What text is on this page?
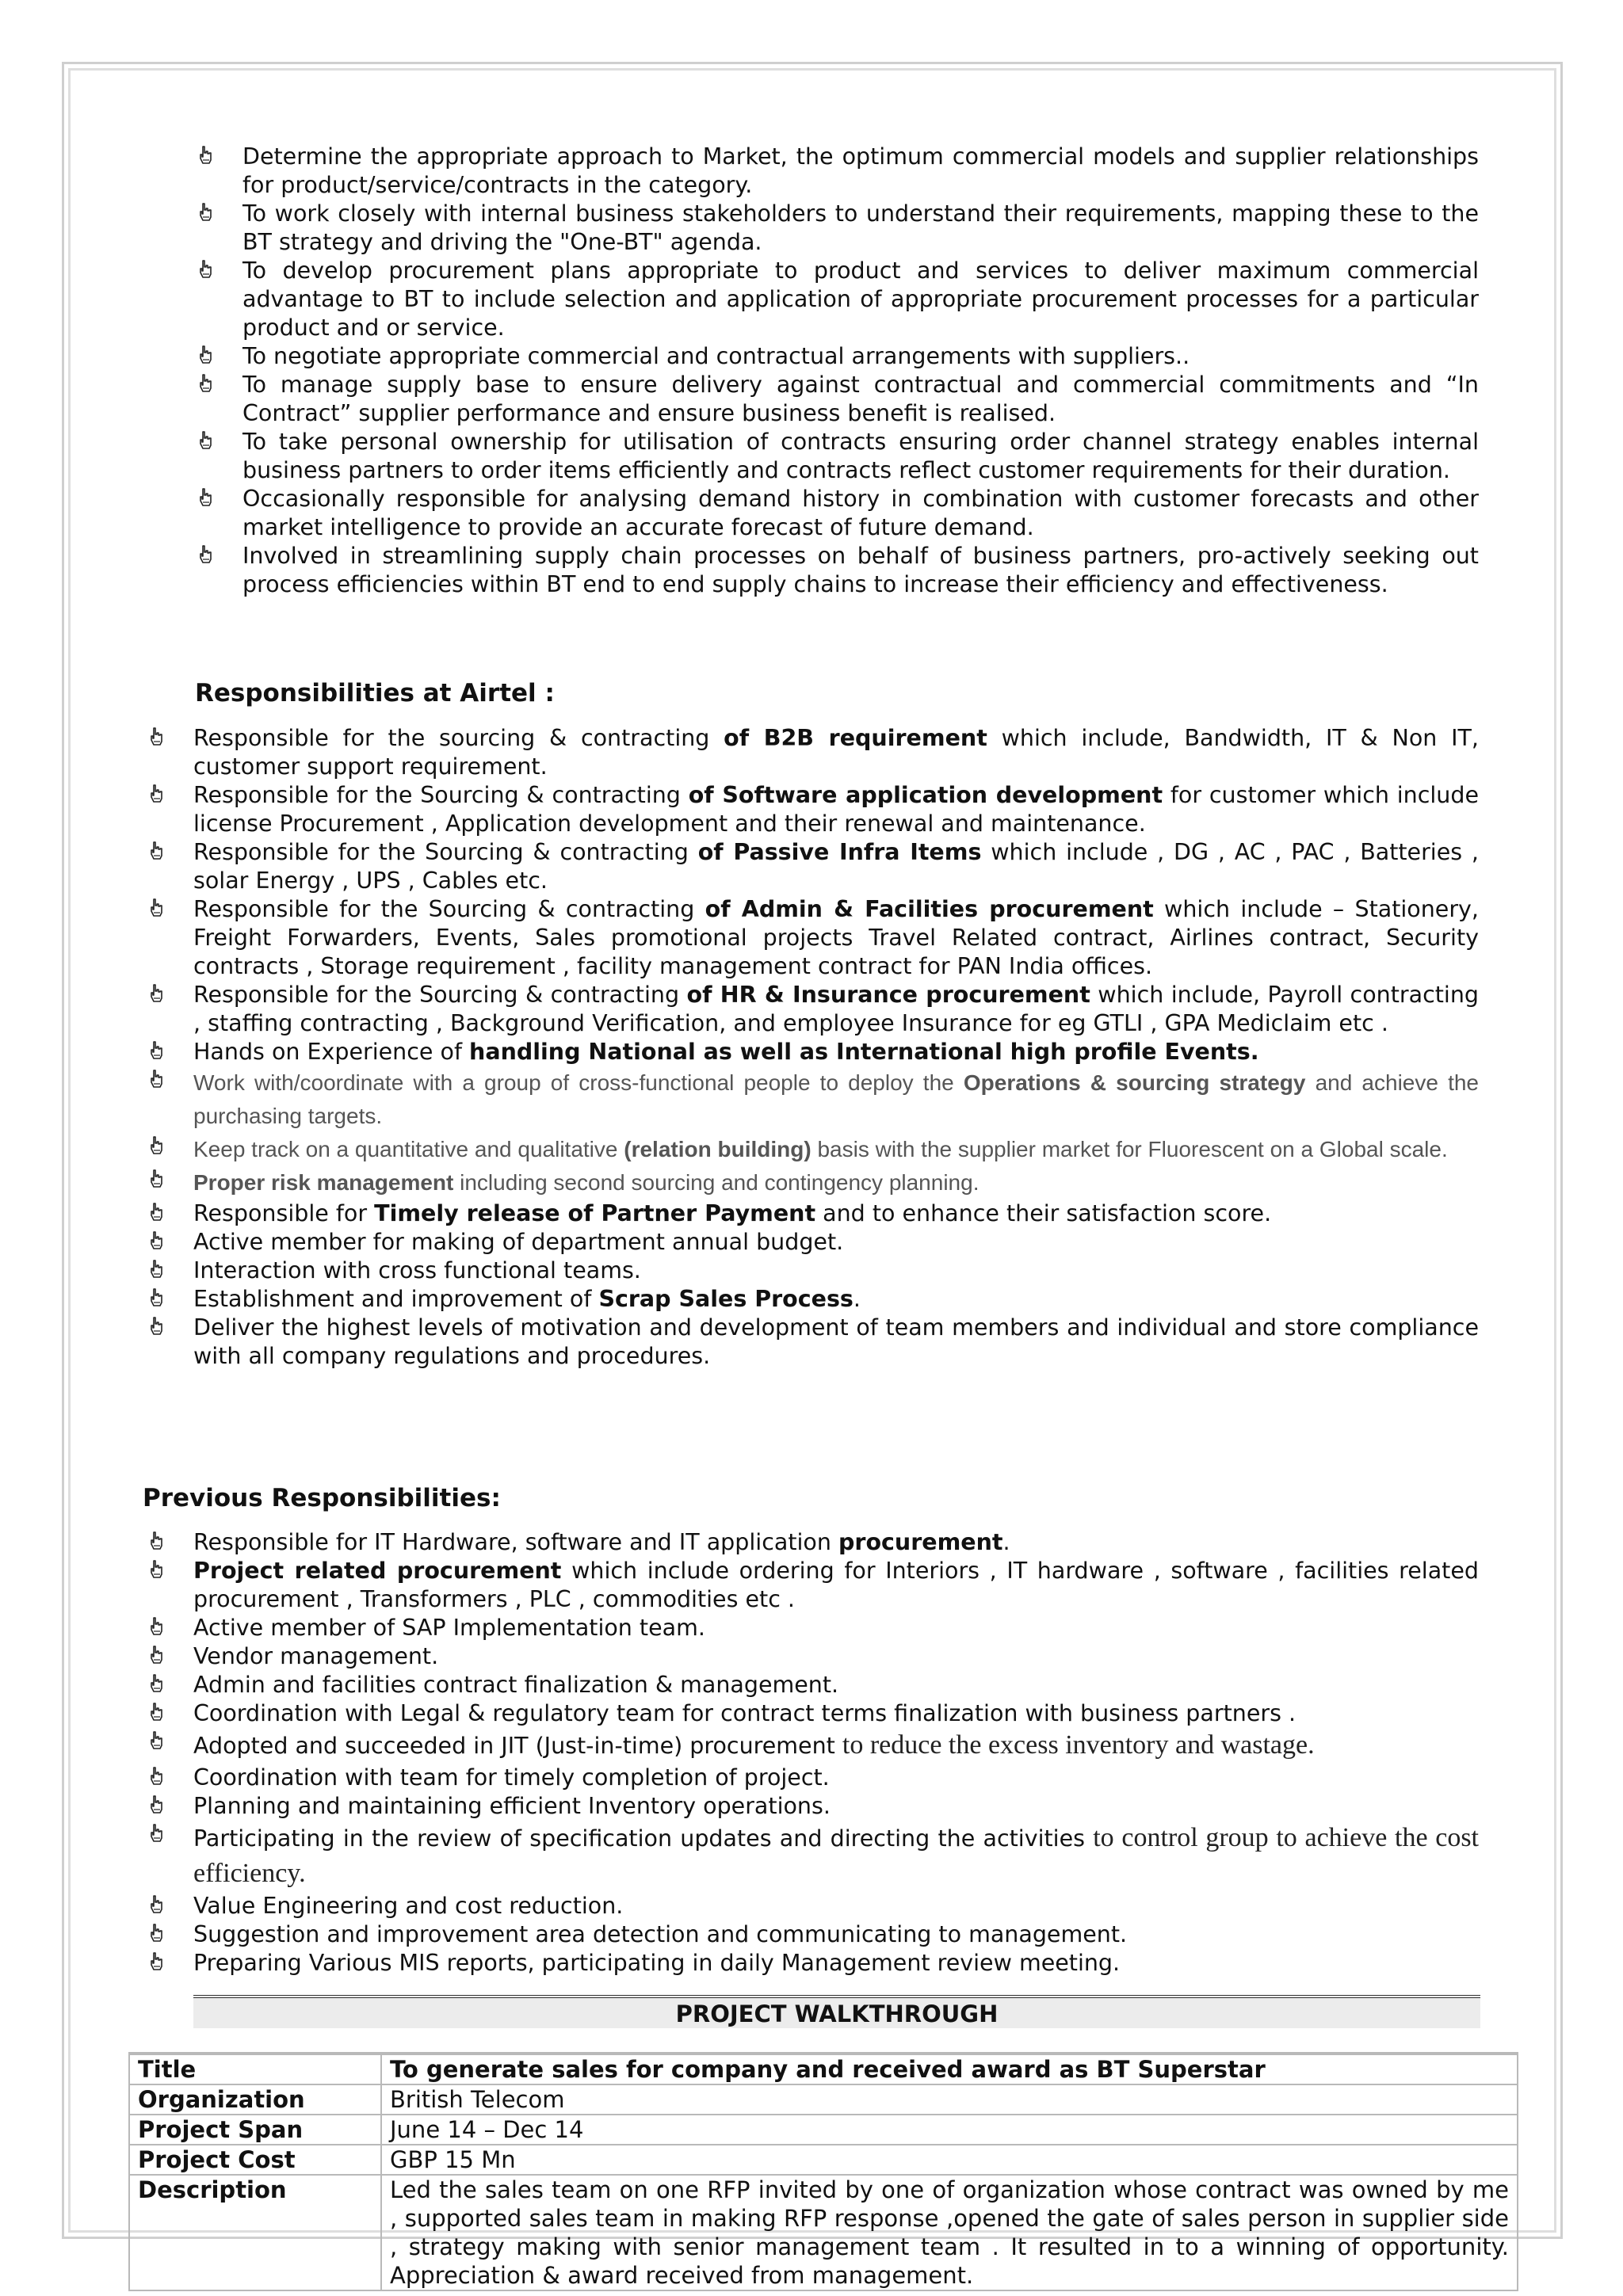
Determine the appropriate approach to Market, the optimum commercial models and supplier relationships for product/service/contracts in the category.
To work closely with internal business stakeholders to understand their requirements, mapping these to the BT strategy and driving the "One-BT" agenda.
To develop procurement plans appropriate to product and services to deliver maximum commercial advantage to BT to include selection and application of appropriate procurement processes for a particular product and or service.
To negotiate appropriate commercial and contractual arrangements with suppliers..
To manage supply base to ensure delivery against contractual and commercial commitments and “In Contract” supplier performance and ensure business benefit is realised.
To take personal ownership for utilisation of contracts ensuring order channel strategy enables internal business partners to order items efficiently and contracts reflect customer requirements for their duration.
Occasionally responsible for analysing demand history in combination with customer forecasts and other market intelligence to provide an accurate forecast of future demand.
Involved in streamlining supply chain processes on behalf of business partners, pro-actively seeking out process efficiencies within BT end to end supply chains to increase their efficiency and effectiveness.
Responsibilities at Airtel :
Responsible for the sourcing & contracting of B2B requirement which include, Bandwidth, IT & Non IT, customer support requirement.
Responsible for the Sourcing & contracting of Software application development for customer which include license Procurement , Application development and their renewal and maintenance.
Responsible for the Sourcing & contracting of Passive Infra Items which include , DG , AC , PAC , Batteries , solar Energy , UPS , Cables etc.
Responsible for the Sourcing & contracting of Admin & Facilities procurement which include – Stationery, Freight Forwarders, Events, Sales promotional projects Travel Related contract, Airlines contract, Security contracts , Storage requirement , facility management contract for PAN India offices.
Responsible for the Sourcing & contracting of HR & Insurance procurement which include, Payroll contracting , staffing contracting , Background Verification, and employee Insurance for eg GTLI , GPA Mediclaim etc .
Hands on Experience of handling National as well as International high profile Events.
Work with/coordinate with a group of cross-functional people to deploy the Operations & sourcing strategy and achieve the purchasing targets.
Keep track on a quantitative and qualitative (relation building) basis with the supplier market for Fluorescent on a Global scale.
Proper risk management including second sourcing and contingency planning.
Responsible for Timely release of Partner Payment and to enhance their satisfaction score.
Active member for making of department annual budget.
Interaction with cross functional teams.
Establishment and improvement of Scrap Sales Process.
Deliver the highest levels of motivation and development of team members and individual and store compliance with all company regulations and procedures.
Previous Responsibilities:
Responsible for IT Hardware, software and IT application procurement.
Project related procurement which include ordering for Interiors , IT hardware , software , facilities related procurement , Transformers , PLC , commodities etc .
Active member of SAP Implementation team.
Vendor management.
Admin and facilities contract finalization & management.
Coordination with Legal & regulatory team for contract terms finalization with business partners .
Adopted and succeeded in JIT (Just-in-time) procurement to reduce the excess inventory and wastage.
Coordination with team for timely completion of project.
Planning and maintaining efficient Inventory operations.
Participating in the review of specification updates and directing the activities to control group to achieve the cost efficiency.
Value Engineering and cost reduction.
Suggestion and improvement area detection and communicating to management.
Preparing Various MIS reports, participating in daily Management review meeting.
PROJECT WALKTHROUGH
Title	To generate sales for company and received award as BT Superstar
Organization	British Telecom
Project Span	June 14 – Dec 14
Project Cost	GBP 15 Mn
Description	Led the sales team on one RFP invited by one of organization whose contract was owned by me , supported sales team in making RFP response ,opened the gate of sales person in supplier side , strategy making with senior management team . It resulted in to a winning of opportunity. Appreciation & award received from management.
